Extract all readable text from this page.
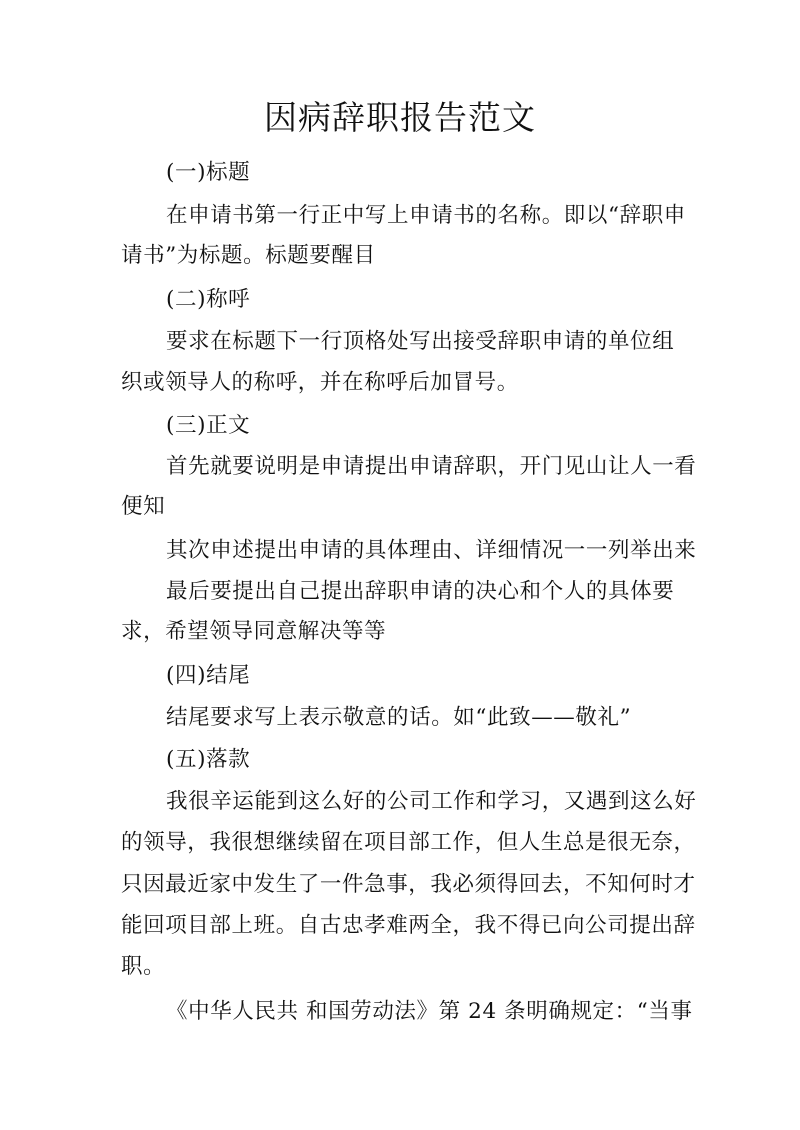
因病辞职报告范文
(一)标题
在申请书第一行正中写上申请书的名称。即以“辞职申
请书”为标题。标题要醒目
(二)称呼
要求在标题下一行顶格处写出接受辞职申请的单位组
织或领导人的称呼，并在称呼后加冒号。
(三)正文
首先就要说明是申请提出申请辞职，开门见山让人一看
便知
其次申述提出申请的具体理由、详细情况一一列举出来
最后要提出自己提出辞职申请的决心和个人的具体要
求，希望领导同意解决等等
(四)结尾
结尾要求写上表示敬意的话。如“此致——敬礼”
(五)落款
我很辛运能到这么好的公司工作和学习，又遇到这么好
的领导，我很想继续留在项目部工作，但人生总是很无奈，
只因最近家中发生了一件急事，我必须得回去，不知何时才
能回项目部上班。自古忠孝难两全，我不得已向公司提出辞
职。
《中华人民共 和国劳动法》第 24 条明确规定：“当事
